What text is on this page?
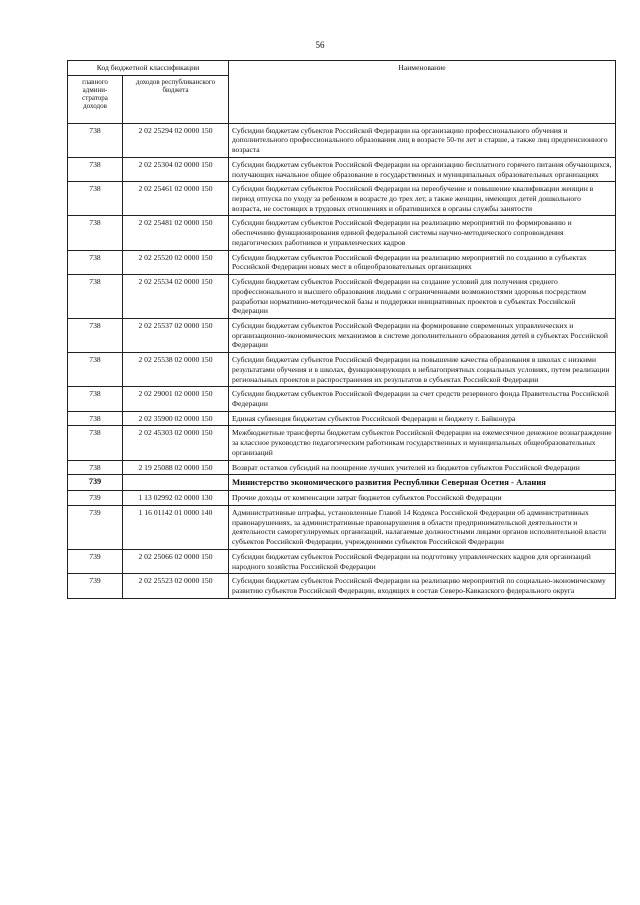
56
Код бюджетной классификации		Наименование
главного админи-стратора доходов	доходов республиканского бюджета	
738	2 02 25294 02 0000 150	Субсидии бюджетам субъектов Российской Федерации на организацию профессионального обучения и дополнительного профессионального образования лиц в возрасте 50-ти лет и старше, а также лиц предпенсионного возраста
738	2 02 25304 02 0000 150	Субсидии бюджетам субъектов Российской Федерации на организацию бесплатного горячего питания обучающихся, получающих начальное общее образование в государственных и муниципальных образовательных организациях
738	2 02 25461 02 0000 150	Субсидии бюджетам субъектов Российской Федерации на переобучение и повышение квалификации женщин в период отпуска по уходу за ребенком в возрасте до трех лет, а также женщин, имеющих детей дошкольного возраста, не состоящих в трудовых отношениях и обратившихся в органы службы занятости
738	2 02 25481 02 0000 150	Субсидии бюджетам субъектов Российской Федерации на реализацию мероприятий по формированию и обеспечению функционирования единой федеральной системы научно-методического сопровождения педагогических работников и управленческих кадров
738	2 02 25520 02 0000 150	Субсидии бюджетам субъектов Российской Федерации на реализацию мероприятий по созданию в субъектах Российской Федерации новых мест в общеобразовательных организациях
738	2 02 25534 02 0000 150	Субсидии бюджетам субъектов Российской Федерации на создание условий для получения среднего профессионального и высшего образования людьми с ограниченными возможностями здоровья посредством разработки нормативно-методической базы и поддержки инициативных проектов в субъектах Российской Федерации
738	2 02 25537 02 0000 150	Субсидии бюджетам субъектов Российской Федерации на формирование современных управленческих и организационно-экономических механизмов в системе дополнительного образования детей в субъектах Российской Федерации
738	2 02 25538 02 0000 150	Субсидии бюджетам субъектов Российской Федерации на повышение качества образования в школах с низкими результатами обучения и в школах, функционирующих в неблагоприятных социальных условиях, путем реализации региональных проектов и распространения их результатов в субъектах Российской Федерации
738	2 02 29001 02 0000 150	Субсидии бюджетам субъектов Российской Федерации за счет средств резервного фонда Правительства Российской Федерации
738	2 02 35900 02 0000 150	Единая субвенция бюджетам субъектов Российской Федерации и бюджету г. Байконура
738	2 02 45303 02 0000 150	Межбюджетные трансферты бюджетам субъектов Российской Федерации на ежемесячное денежное вознаграждение за классное руководство педагогическим работникам государственных и муниципальных общеобразовательных организаций
738	2 19 25088 02 0000 150	Возврат остатков субсидий на поощрение лучших учителей из бюджетов субъектов Российской Федерации
739		Министерство экономического развития Республики Северная Осетия - Алания
739	1 13 02992 02 0000 130	Прочие доходы от компенсации затрат бюджетов субъектов Российской Федерации
739	1 16 01142 01 0000 140	Административные штрафы, установленные Главой 14 Кодекса Российской Федерации об административных правонарушениях, за административные правонарушения в области предпринимательской деятельности и деятельности саморегулируемых организаций, налагаемые должностными лицами органов исполнительной власти субъектов Российской Федерации, учреждениями субъектов Российской Федерации
739	2 02 25066 02 0000 150	Субсидии бюджетам субъектов Российской Федерации на подготовку управленческих кадров для организаций народного хозяйства Российской Федерации
739	2 02 25523 02 0000 150	Субсидии бюджетам субъектов Российской Федерации на реализацию мероприятий по социально-экономическому развитию субъектов Российской Федерации, входящих в состав Северо-Кавказского федерального округа
